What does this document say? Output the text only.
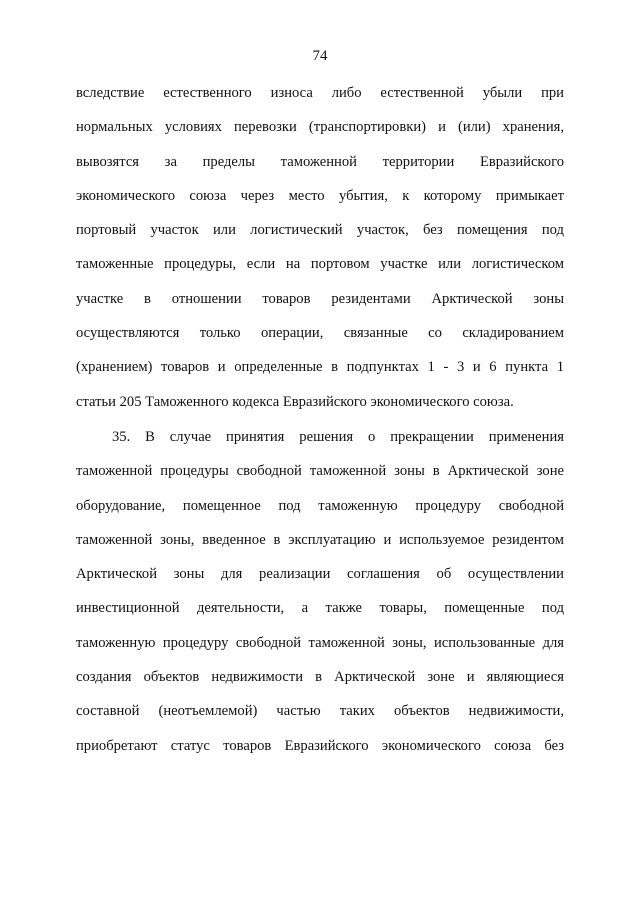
74
вследствие естественного износа либо естественной убыли при
нормальных условиях перевозки (транспортировки) и (или) хранения,
вывозятся за пределы таможенной территории Евразийского
экономического союза через место убытия, к которому примыкает
портовый участок или логистический участок, без помещения под
таможенные процедуры, если на портовом участке или логистическом
участке в отношении товаров резидентами Арктической зоны
осуществляются только операции, связанные со складированием
(хранением) товаров и определенные в подпунктах 1 - 3 и 6 пункта 1
статьи 205 Таможенного кодекса Евразийского экономического союза.
35. В случае принятия решения о прекращении применения
таможенной процедуры свободной таможенной зоны в Арктической зоне
оборудование, помещенное под таможенную процедуру свободной
таможенной зоны, введенное в эксплуатацию и используемое резидентом
Арктической зоны для реализации соглашения об осуществлении
инвестиционной деятельности, а также товары, помещенные под
таможенную процедуру свободной таможенной зоны, использованные для
создания объектов недвижимости в Арктической зоне и являющиеся
составной (неотъемлемой) частью таких объектов недвижимости,
приобретают статус товаров Евразийского экономического союза без
